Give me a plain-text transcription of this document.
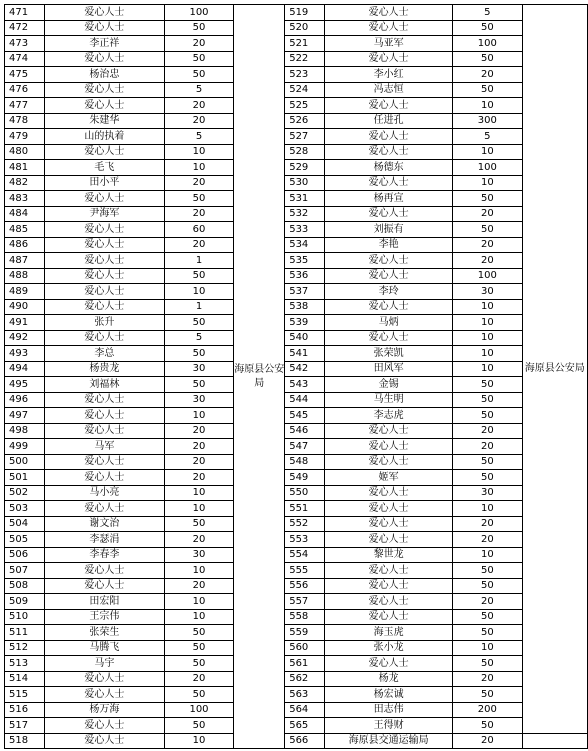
471	爱心人士	100	海原县公安局	519	爱心人士	5	海原县公安局
472	爱心人士	50		520	爱心人士	50	
473	李正祥	20		521	马亚军	100	
474	爱心人士	50		522	爱心人士	50	
475	杨治忠	50		523	李小红	20	
476	爱心人士	5		524	冯志恒	50	
477	爱心人士	20		525	爱心人士	10	
478	朱建华	20		526	任进孔	300	
479	山的执着	5		527	爱心人士	5	
480	爱心人士	10		528	爱心人士	10	
481	毛飞	10		529	杨德东	100	
482	田小平	20		530	爱心人士	10	
483	爱心人士	50		531	杨再宣	50	
484	尹海军	20		532	爱心人士	20	
485	爱心人士	60		533	刘振有	50	
486	爱心人士	20		534	李艳	20	
487	爱心人士	1		535	爱心人士	20	
488	爱心人士	50		536	爱心人士	100	
489	爱心人士	10		537	李玲	30	
490	爱心人士	1		538	爱心人士	10	
491	张升	50		539	马炳	10	
492	爱心人士	5		540	爱心人士	10	
493	李总	50		541	张荣凯	10	
494	杨贵龙	30		542	田风军	10	
495	刘福林	50		543	金锡	50	
496	爱心人士	30		544	马生明	50	
497	爱心人士	10		545	李志虎	50	
498	爱心人士	20		546	爱心人士	20	
499	马军	20		547	爱心人士	20	
500	爱心人士	20		548	爱心人士	50	
501	爱心人士	20		549	姬军	50	
502	马小亮	10		550	爱心人士	30	
503	爱心人士	10		551	爱心人士	10	
504	谢文治	50		552	爱心人士	20	
505	李瑟涓	20		553	爱心人士	20	
506	李春李	30		554	黎世龙	10	
507	爱心人士	10		555	爱心人士	50	
508	爱心人士	20		556	爱心人士	50	
509	田宏阳	10		557	爱心人士	20	
510	王宗伟	10		558	爱心人士	50	
511	张荣生	50		559	海玉虎	50	
512	马腾飞	50		560	张小龙	10	
513	马宇	50		561	爱心人士	50	
514	爱心人士	20		562	杨龙	20	
515	爱心人士	50		563	杨宏诚	50	
516	杨万海	100		564	田志伟	200	
517	爱心人士	50		565	王得财	50	
518	爱心人士	10		566	海原县交通运输局	20	
